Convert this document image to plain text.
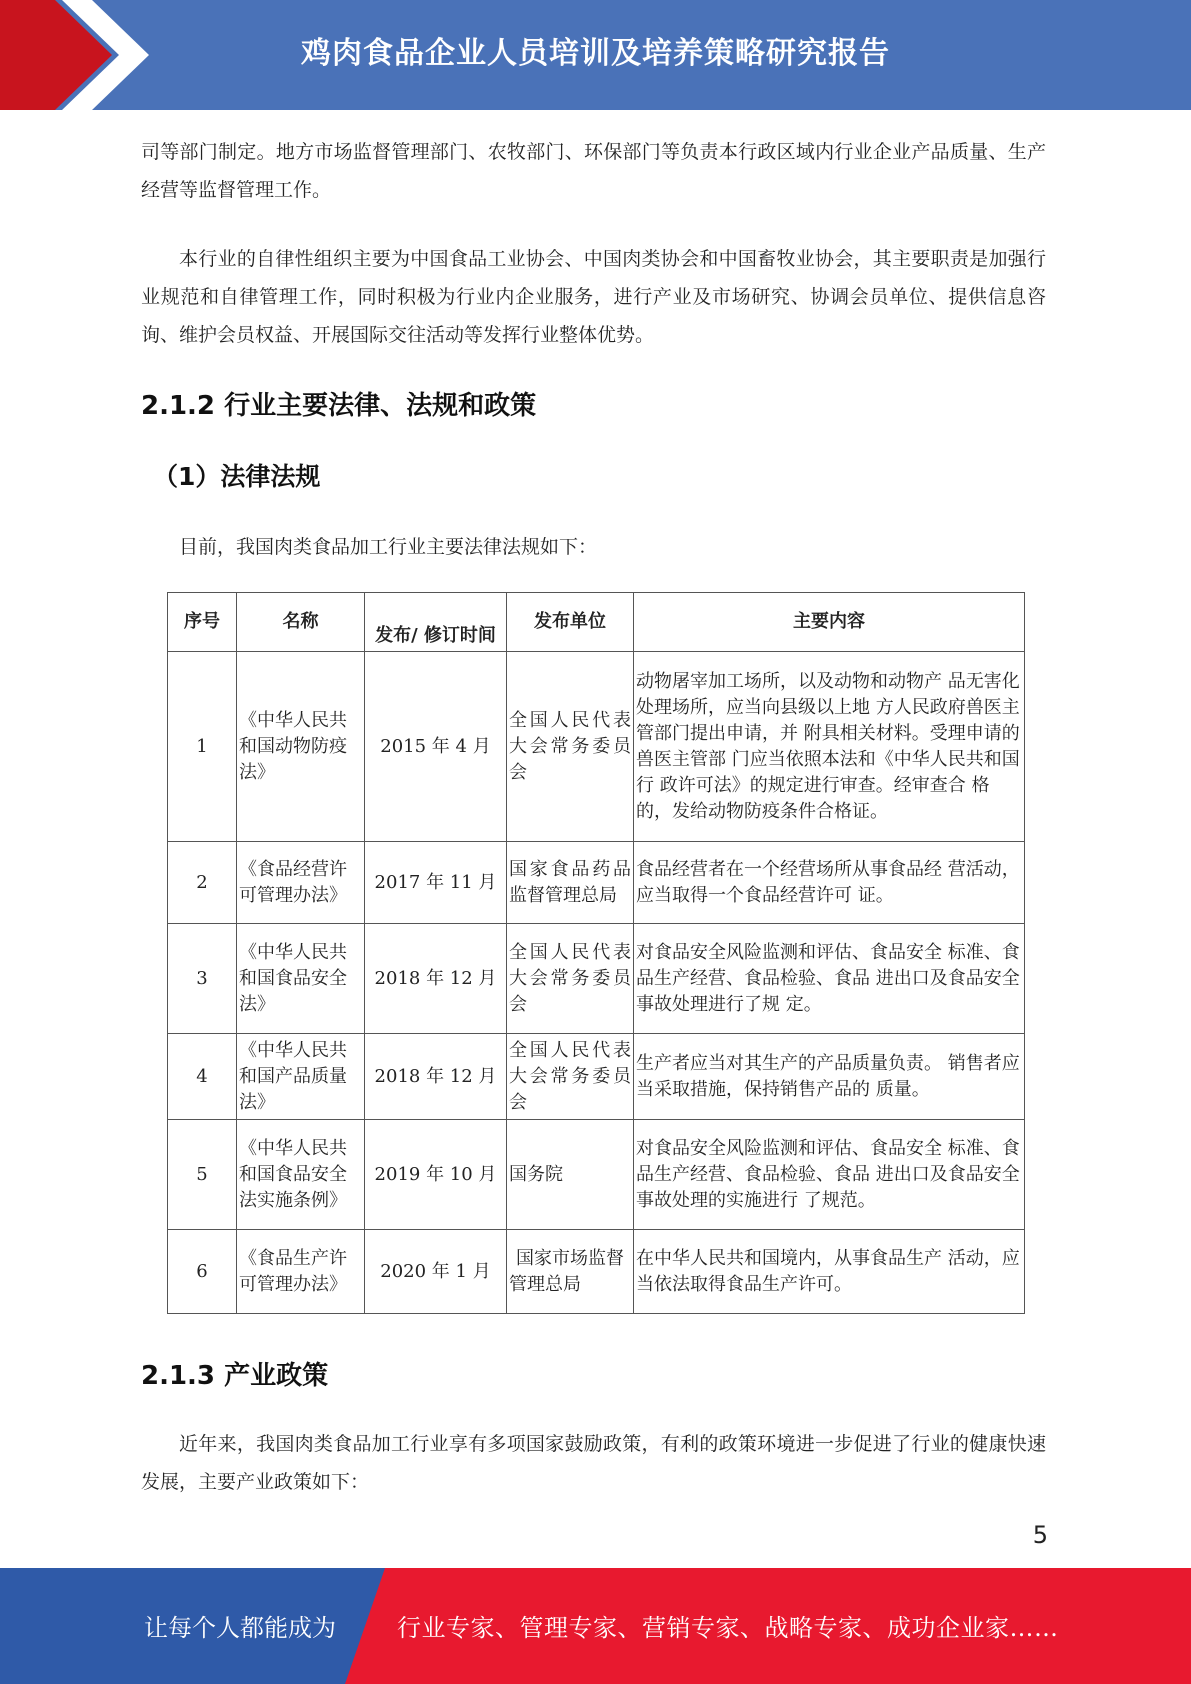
鸡肉食品企业人员培训及培养策略研究报告

司等部门制定。地方市场监督管理部门、农牧部门、环保部门等负责本行政区域内行业企业产品质量、生产经营等监督管理工作。

本行业的自律性组织主要为中国食品工业协会、中国肉类协会和中国畜牧业协会，其主要职责是加强行业规范和自律管理工作，同时积极为行业内企业服务，进行产业及市场研究、协调会员单位、提供信息咨询、维护会员权益、开展国际交往活动等发挥行业整体优势。

2.1.2 行业主要法律、法规和政策
（1）法律法规

目前，我国肉类食品加工行业主要法律法规如下：

序号	名称	发布/ 修订时间	发布单位	主要内容
1	《中华人民共和国动物防疫法》	2015 年 4 月	全国人民代表大会常务委员会	动物屠宰加工场所，以及动物和动物产 品无害化处理场所，应当向县级以上地 方人民政府兽医主管部门提出申请，并 附具相关材料。受理申请的兽医主管部 门应当依照本法和《中华人民共和国行 政许可法》的规定进行审查。经审查合 格的，发给动物防疫条件合格证。
2	《食品经营许可管理办法》	2017 年 11 月	国家食品药品监督管理总局	食品经营者在一个经营场所从事食品经 营活动，应当取得一个食品经营许可 证。
3	《中华人民共和国食品安全法》	2018 年 12 月	全国人民代表大会常务委员会	对食品安全风险监测和评估、食品安全 标准、食品生产经营、食品检验、食品 进出口及食品安全事故处理进行了规 定。
4	《中华人民共和国产品质量法》	2018 年 12 月	全国人民代表大会常务委员会	生产者应当对其生产的产品质量负责。 销售者应当采取措施，保持销售产品的 质量。
5	《中华人民共和国食品安全法实施条例》	2019 年 10 月	国务院	对食品安全风险监测和评估、食品安全 标准、食品生产经营、食品检验、食品 进出口及食品安全事故处理的实施进行 了规范。
6	《食品生产许可管理办法》	2020 年 1 月	国家市场监督管理总局	在中华人民共和国境内，从事食品生产 活动，应当依法取得食品生产许可。
2.1.3 产业政策

近年来，我国肉类食品加工行业享有多项国家鼓励政策，有利的政策环境进一步促进了行业的健康快速发展，主要产业政策如下：

5
让每个人都能成为	行业专家、管理专家、营销专家、战略专家、成功企业家……
